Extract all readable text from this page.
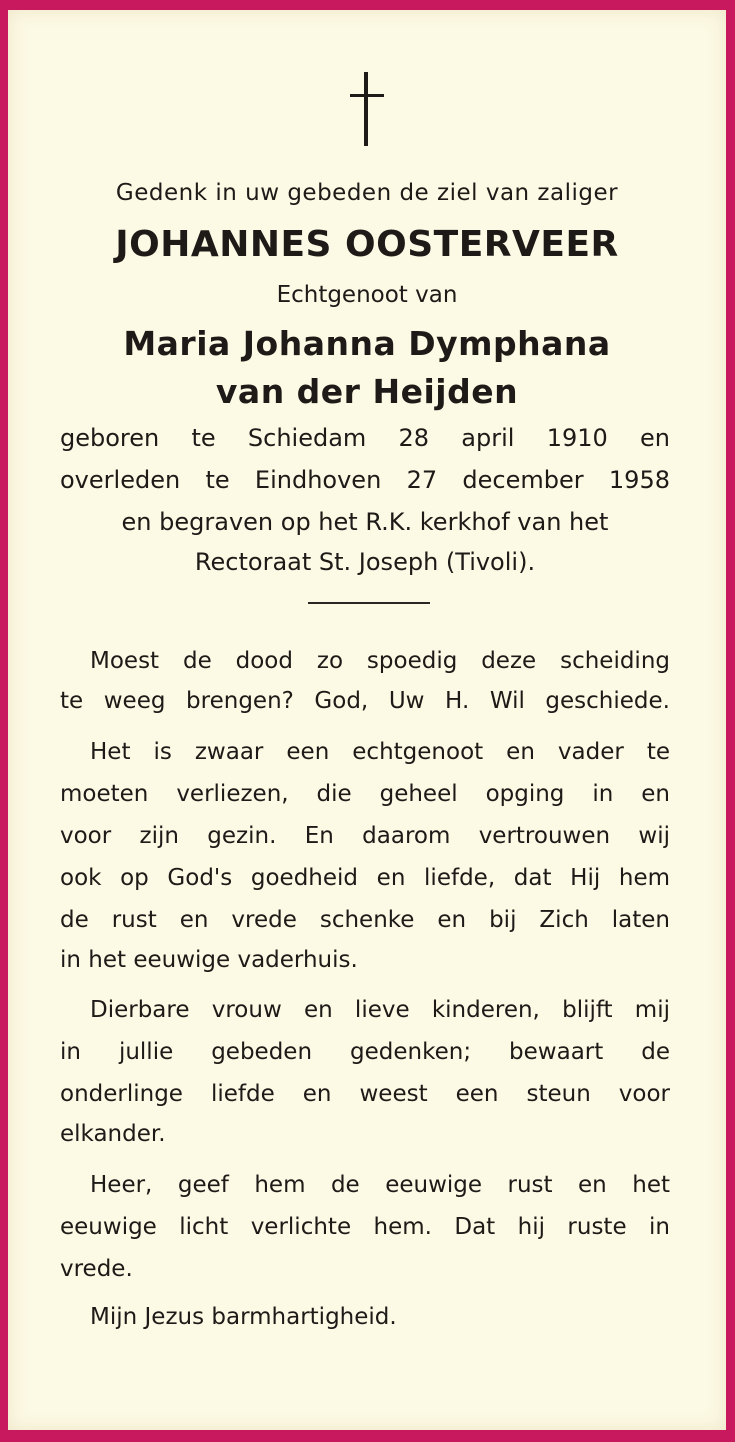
Gedenk in uw gebeden de ziel van zaliger
JOHANNES OOSTERVEER
Echtgenoot van
Maria Johanna Dymphana
van der Heijden
geboren te Schiedam 28 april 1910 en
overleden te Eindhoven 27 december 1958
en begraven op het R.K. kerkhof van het
Rectoraat St. Joseph (Tivoli).
Moest de dood zo spoedig deze scheiding
te weeg brengen? God, Uw H. Wil geschiede.
Het is zwaar een echtgenoot en vader te
moeten verliezen, die geheel opging in en
voor zijn gezin. En daarom vertrouwen wij
ook op God's goedheid en liefde, dat Hij hem
de rust en vrede schenke en bij Zich laten
in het eeuwige vaderhuis.
Dierbare vrouw en lieve kinderen, blijft mij
in jullie gebeden gedenken; bewaart de
onderlinge liefde en weest een steun voor
elkander.
Heer, geef hem de eeuwige rust en het
eeuwige licht verlichte hem. Dat hij ruste in
vrede.
Mijn Jezus barmhartigheid.
